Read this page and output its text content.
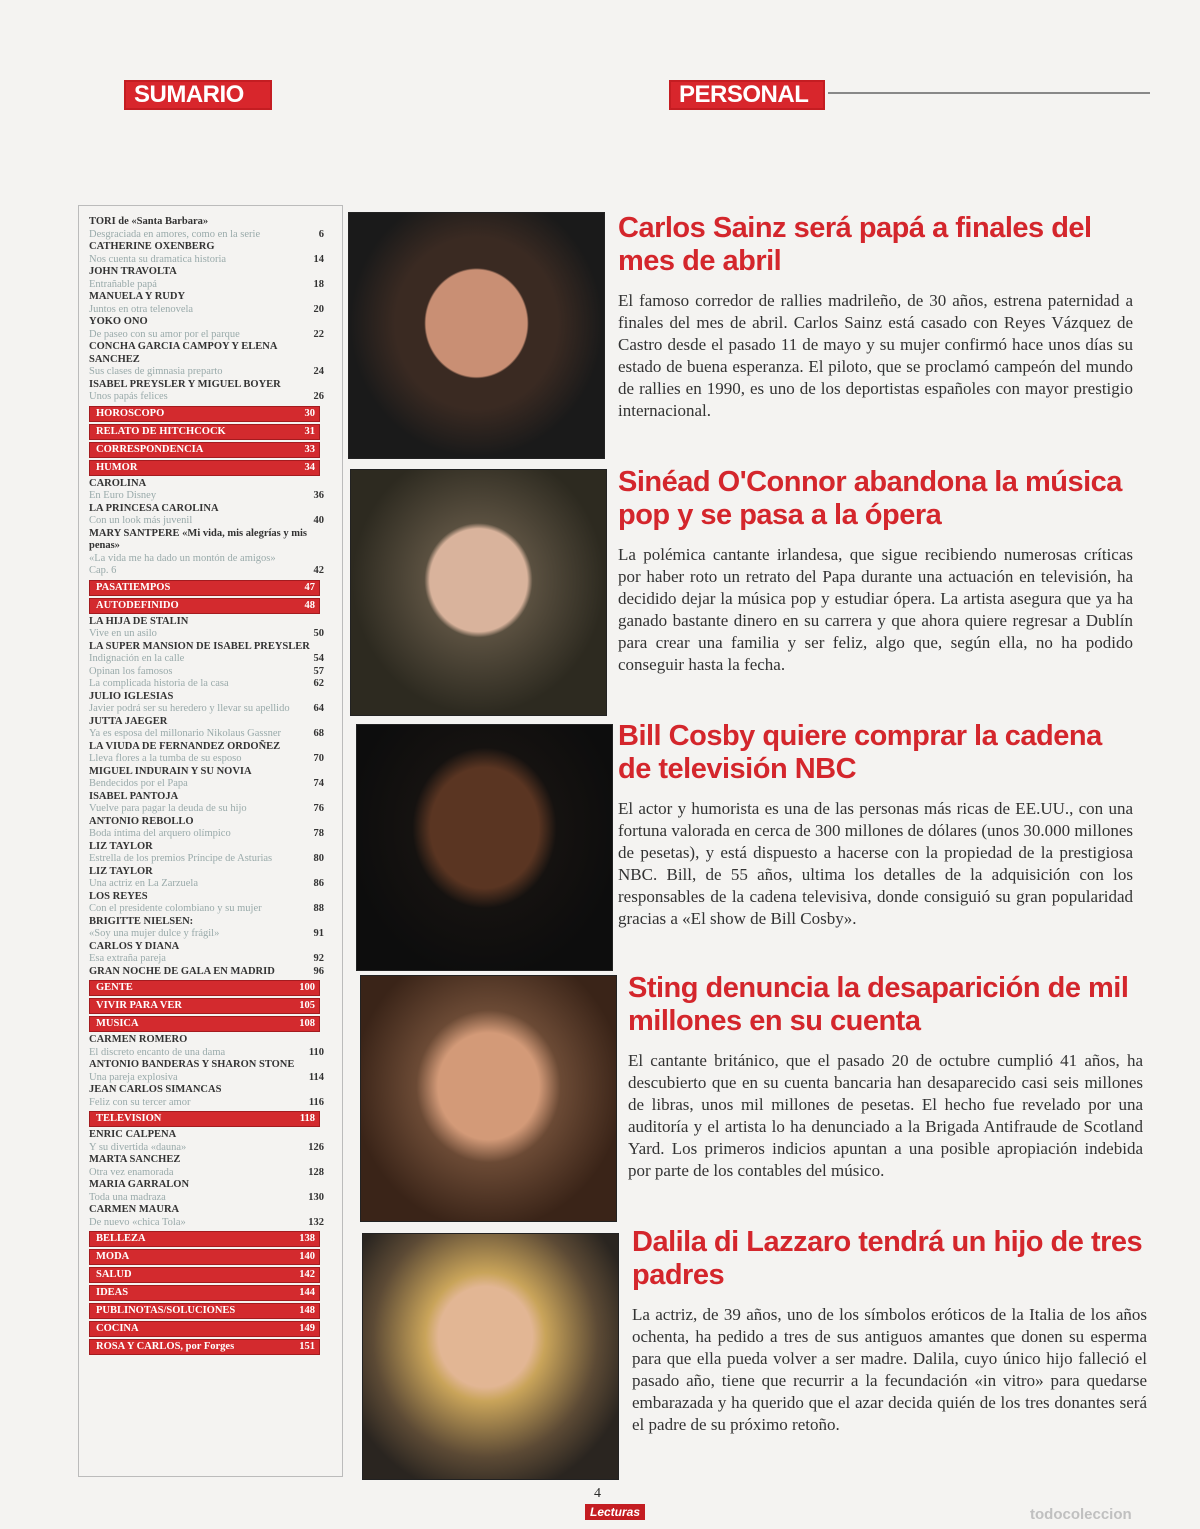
SUMARIO	PERSONAL
TORI de «Santa Barbara»
Desgraciada en amores, como en la serie	6
CATHERINE OXENBERG
Nos cuenta su dramatica historia	14
JOHN TRAVOLTA
Entrañable papá	18
MANUELA Y RUDY
Juntos en otra telenovela	20
YOKO ONO
De paseo con su amor por el parque	22
CONCHA GARCIA CAMPOY Y ELENA SANCHEZ
Sus clases de gimnasia preparto	24
ISABEL PREYSLER Y MIGUEL BOYER
Unos papás felices	26
HOROSCOPO	30
RELATO DE HITCHCOCK	31
CORRESPONDENCIA	33
HUMOR	34
CAROLINA
En Euro Disney	36
LA PRINCESA CAROLINA
Con un look más juvenil	40
MARY SANTPERE «Mi vida, mis alegrías y mis penas»
«La vida me ha dado un montón de amigos» Cap. 6	42
PASATIEMPOS	47
AUTODEFINIDO	48
LA HIJA DE STALIN
Vive en un asilo	50
LA SUPER MANSION DE ISABEL PREYSLER
Indignación en la calle	54
Opinan los famosos	57
La complicada historia de la casa	62
JULIO IGLESIAS
Javier podrá ser su heredero y llevar su apellido	64
JUTTA JAEGER
Ya es esposa del millonario Nikolaus Gassner	68
LA VIUDA DE FERNANDEZ ORDOÑEZ
Lleva flores a la tumba de su esposo	70
MIGUEL INDURAIN Y SU NOVIA
Bendecidos por el Papa	74
ISABEL PANTOJA
Vuelve para pagar la deuda de su hijo	76
ANTONIO REBOLLO
Boda íntima del arquero olímpico	78
LIZ TAYLOR
Estrella de los premios Príncipe de Asturias	80
LIZ TAYLOR
Una actriz en La Zarzuela	86
LOS REYES
Con el presidente colombiano y su mujer	88
BRIGITTE NIELSEN:
«Soy una mujer dulce y frágil»	91
CARLOS Y DIANA
Esa extraña pareja	92
GRAN NOCHE DE GALA EN MADRID	96
GENTE	100
VIVIR PARA VER	105
MUSICA	108
CARMEN ROMERO
El discreto encanto de una dama	110
ANTONIO BANDERAS Y SHARON STONE
Una pareja explosiva	114
JEAN CARLOS SIMANCAS
Feliz con su tercer amor	116
TELEVISION	118
ENRIC CALPENA
Y su divertida «dauna»	126
MARTA SANCHEZ
Otra vez enamorada	128
MARIA GARRALON
Toda una madraza	130
CARMEN MAURA
De nuevo «chica Tola»	132
BELLEZA	138
MODA	140
SALUD	142
IDEAS	144
PUBLINOTAS/SOLUCIONES	148
COCINA	149
ROSA Y CARLOS, por Forges	151
Carlos Sainz será papá a finales del mes de abril

El famoso corredor de rallies madrileño, de 30 años, estrena paternidad a finales del mes de abril. Carlos Sainz está casado con Reyes Vázquez de Castro desde el pasado 11 de mayo y su mujer confirmó hace unos días su estado de buena esperanza. El piloto, que se proclamó campeón del mundo de rallies en 1990, es uno de los deportistas españoles con mayor prestigio internacional.

Sinéad O'Connor abandona la música pop y se pasa a la ópera

La polémica cantante irlandesa, que sigue recibiendo numerosas críticas por haber roto un retrato del Papa durante una actuación en televisión, ha decidido dejar la música pop y estudiar ópera. La artista asegura que ya ha ganado bastante dinero en su carrera y que ahora quiere regresar a Dublín para crear una familia y ser feliz, algo que, según ella, no ha podido conseguir hasta la fecha.

Bill Cosby quiere comprar la cadena de televisión NBC

El actor y humorista es una de las personas más ricas de EE.UU., con una fortuna valorada en cerca de 300 millones de dólares (unos 30.000 millones de pesetas), y está dispuesto a hacerse con la propiedad de la prestigiosa NBC. Bill, de 55 años, ultima los detalles de la adquisición con los responsables de la cadena televisiva, donde consiguió su gran popularidad gracias a «El show de Bill Cosby».

Sting denuncia la desaparición de mil millones en su cuenta

El cantante británico, que el pasado 20 de octubre cumplió 41 años, ha descubierto que en su cuenta bancaria han desaparecido casi seis millones de libras, unos mil millones de pesetas. El hecho fue revelado por una auditoría y el artista lo ha denunciado a la Brigada Antifraude de Scotland Yard. Los primeros indicios apuntan a una posible apropiación indebida por parte de los contables del músico.

Dalila di Lazzaro tendrá un hijo de tres padres

La actriz, de 39 años, uno de los símbolos eróticos de la Italia de los años ochenta, ha pedido a tres de sus antiguos amantes que donen su esperma para que ella pueda volver a ser madre. Dalila, cuyo único hijo falleció el pasado año, tiene que recurrir a la fecundación «in vitro» para quedarse embarazada y ha querido que el azar decida quién de los tres donantes será el padre de su próximo retoño.

4
Lecturas	todocoleccion
